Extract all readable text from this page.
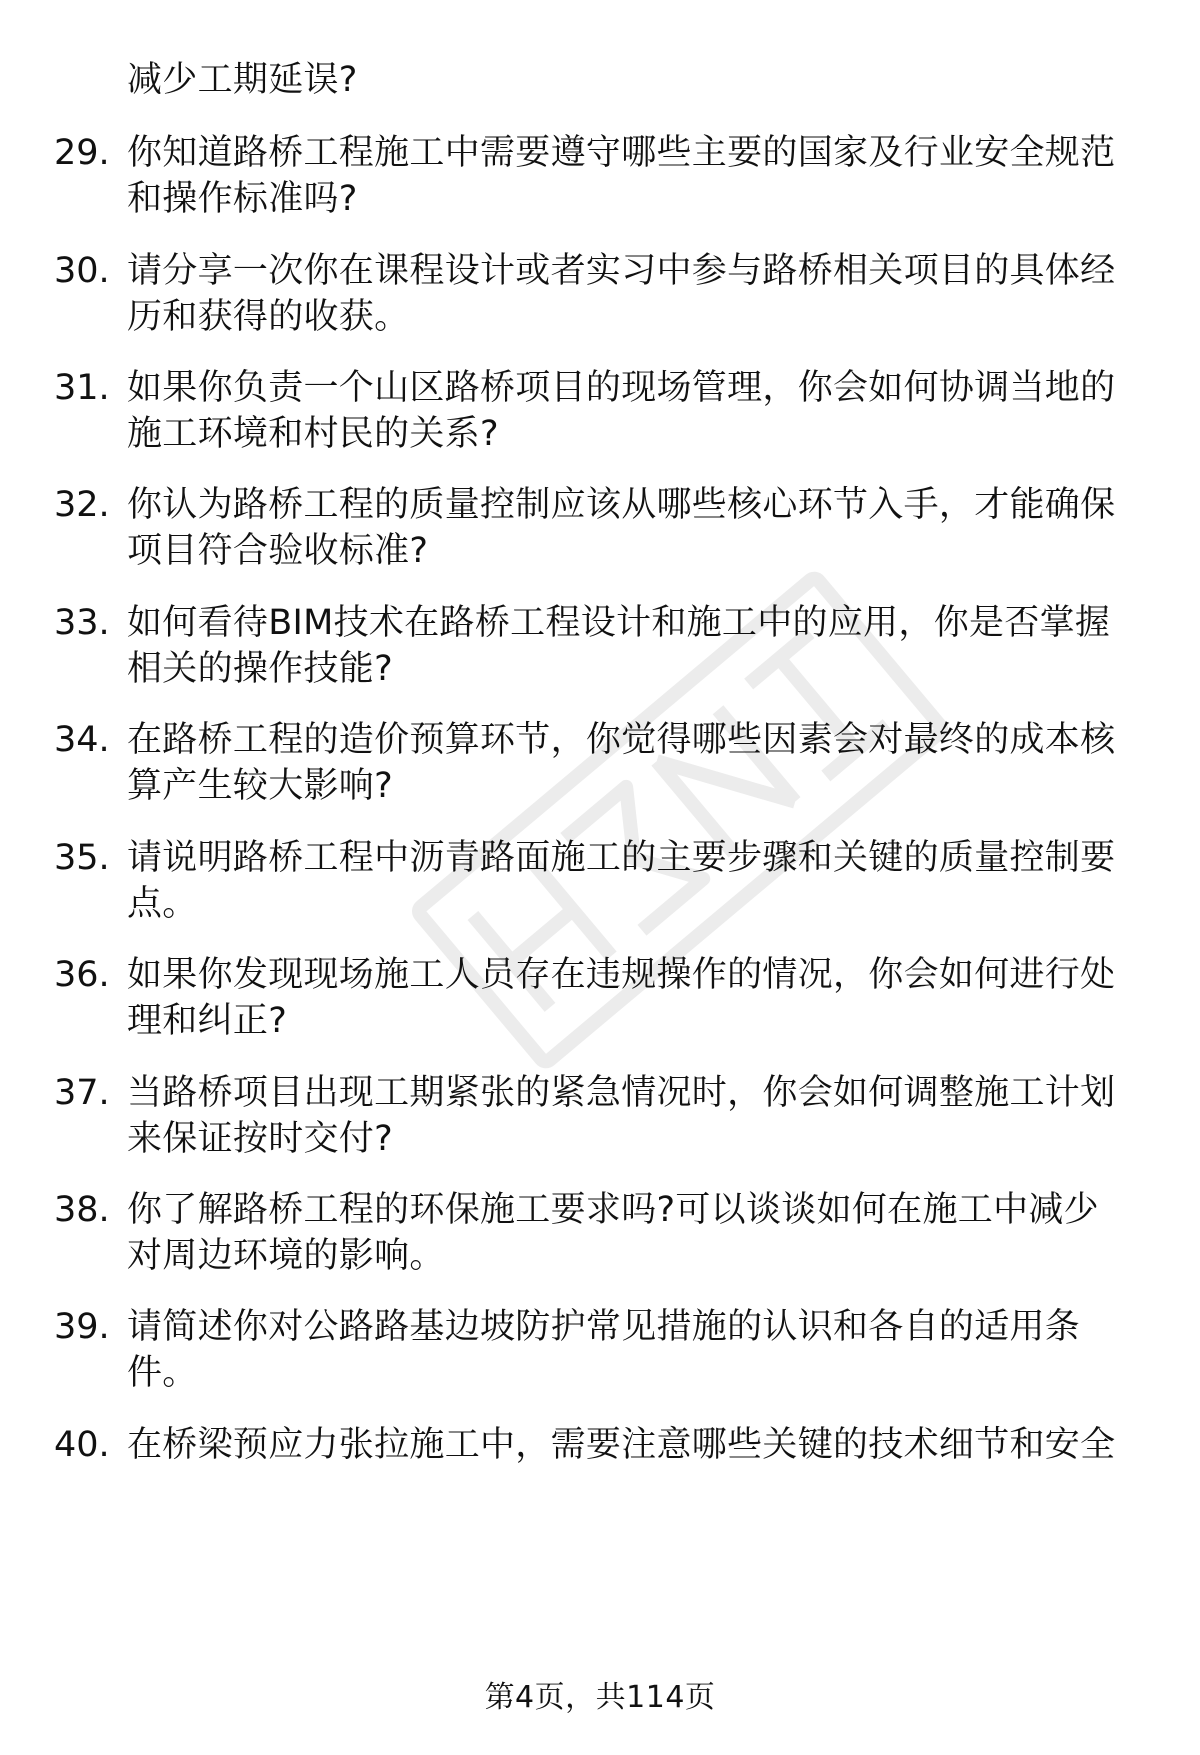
减少工期延误?
29. 你知道路桥工程施工中需要遵守哪些主要的国家及行业安全规范
和操作标准吗?
30. 请分享一次你在课程设计或者实习中参与路桥相关项目的具体经
历和获得的收获。
31. 如果你负责一个山区路桥项目的现场管理，你会如何协调当地的
施工环境和村民的关系?
32. 你认为路桥工程的质量控制应该从哪些核心环节入手，才能确保
项目符合验收标准?
33. 如何看待BIM技术在路桥工程设计和施工中的应用，你是否掌握
相关的操作技能?
34. 在路桥工程的造价预算环节，你觉得哪些因素会对最终的成本核
算产生较大影响?
35. 请说明路桥工程中沥青路面施工的主要步骤和关键的质量控制要
点。
36. 如果你发现现场施工人员存在违规操作的情况，你会如何进行处
理和纠正?
37. 当路桥项目出现工期紧张的紧急情况时，你会如何调整施工计划
来保证按时交付?
38. 你了解路桥工程的环保施工要求吗?可以谈谈如何在施工中减少
对周边环境的影响。
39. 请简述你对公路路基边坡防护常见措施的认识和各自的适用条
件。
40. 在桥梁预应力张拉施工中，需要注意哪些关键的技术细节和安全
第4页，共114页
